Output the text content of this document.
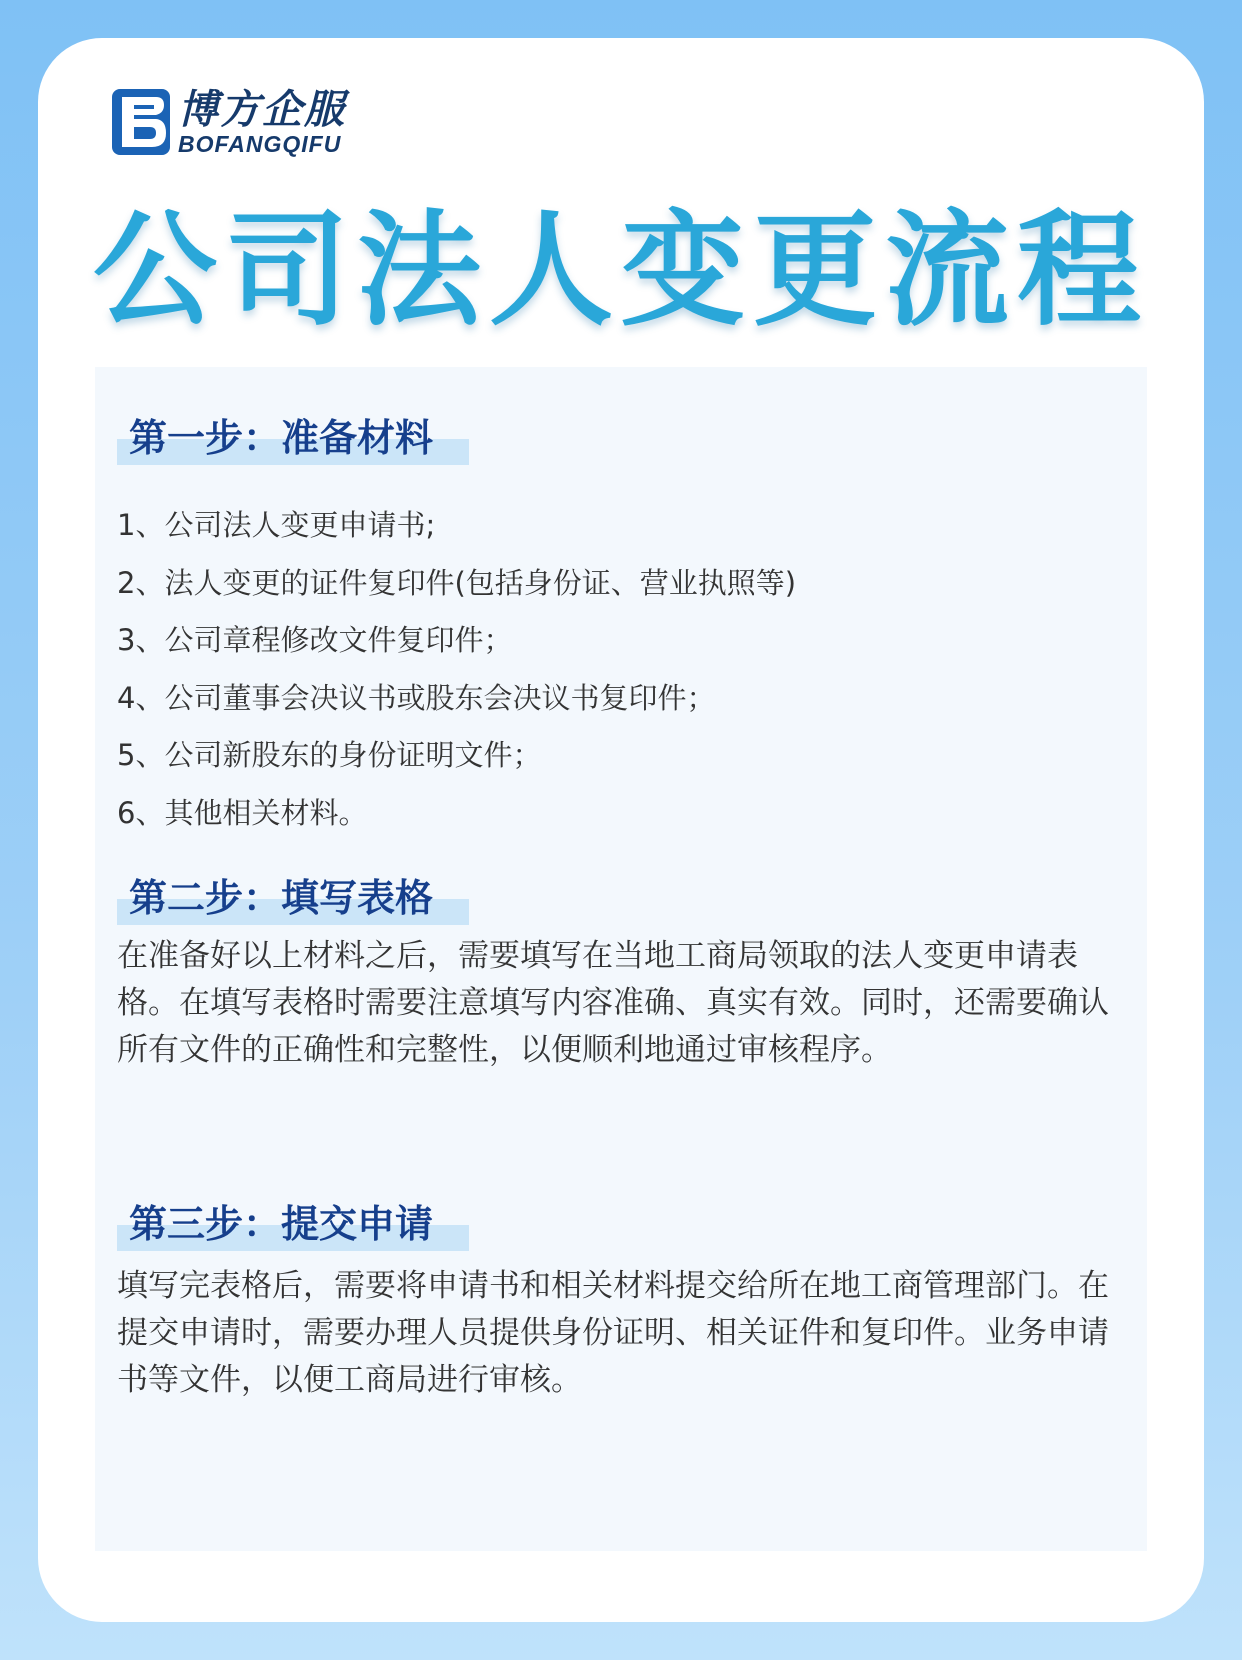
博方企服
BOFANGQIFU
公司法人变更流程
第一步：准备材料
1、公司法人变更申请书;
2、法人变更的证件复印件(包括身份证、营业执照等)
3、公司章程修改文件复印件；
4、公司董事会决议书或股东会决议书复印件；
5、公司新股东的身份证明文件；
6、其他相关材料。
第二步：填写表格

在准备好以上材料之后，需要填写在当地工商局领取的法人变更申请表格。在填写表格时需要注意填写内容准确、真实有效。同时，还需要确认所有文件的正确性和完整性，以便顺利地通过审核程序。

第三步：提交申请

填写完表格后，需要将申请书和相关材料提交给所在地工商管理部门。在提交申请时，需要办理人员提供身份证明、相关证件和复印件。业务申请书等文件，以便工商局进行审核。
